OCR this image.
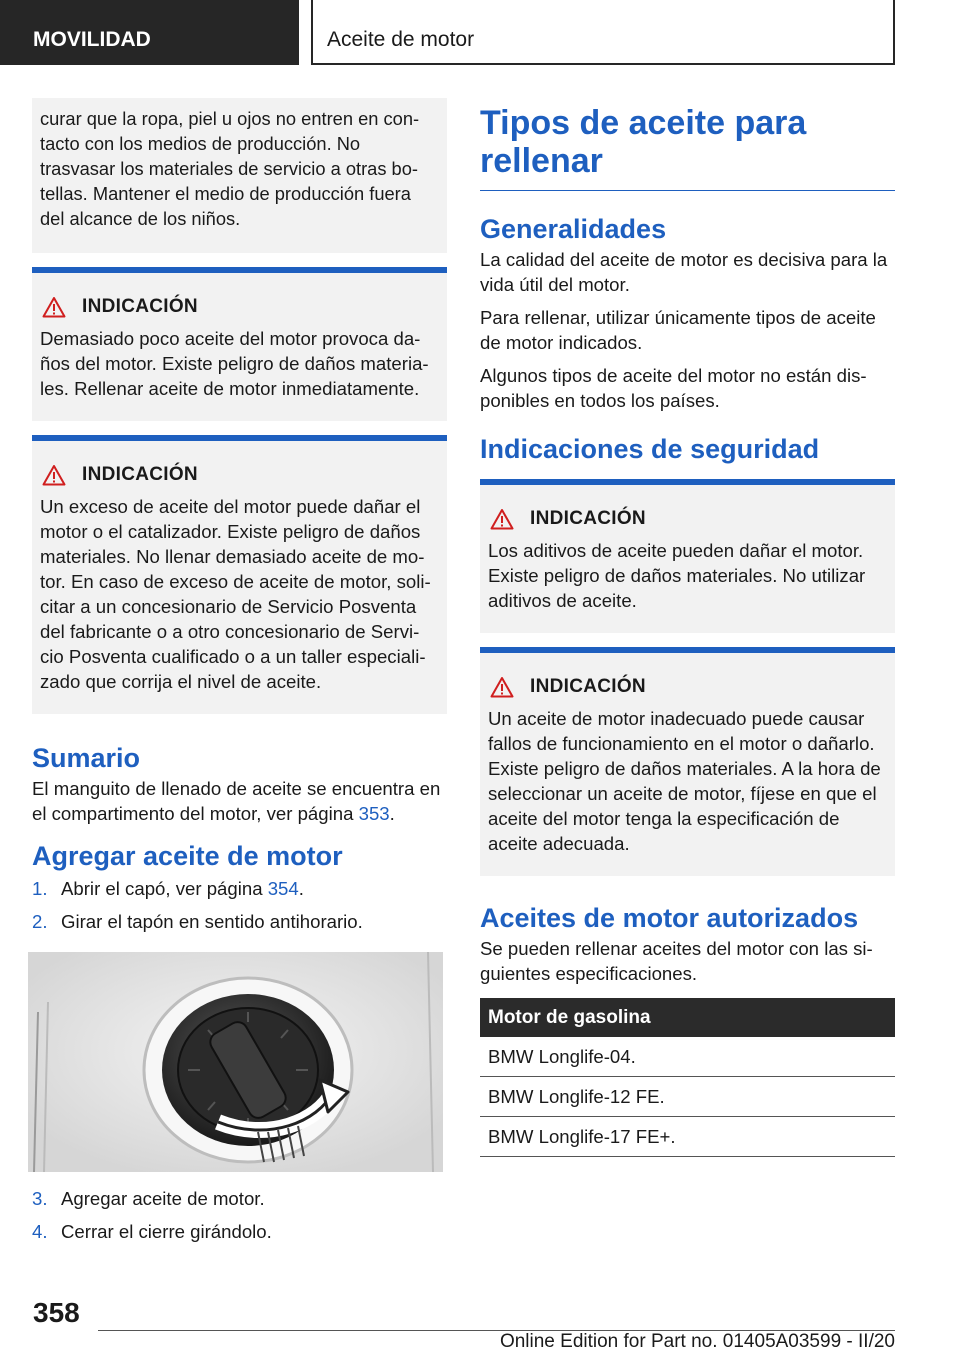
MOVILIDAD	Aceite de motor

curar que la ropa, piel u ojos no entren en con-tacto con los medios de producción. No trasvasar los materiales de servicio a otras bo-tellas. Mantener el medio de producción fuera del alcance de los niños.

INDICACIÓN

Demasiado poco aceite del motor provoca da-ños del motor. Existe peligro de daños materia-les. Rellenar aceite de motor inmediatamente.

INDICACIÓN

Un exceso de aceite del motor puede dañar el motor o el catalizador. Existe peligro de daños materiales. No llenar demasiado aceite de mo-tor. En caso de exceso de aceite de motor, soli-citar a un concesionario de Servicio Posventa del fabricante o a otro concesionario de Servi-cio Posventa cualificado o a un taller especiali-zado que corrija el nivel de aceite.

Sumario

El manguito de llenado de aceite se encuentra en el compartimento del motor, ver página 353.

Agregar aceite de motor
1. Abrir el capó, ver página 354.
2. Girar el tapón en sentido antihorario.
3. Agregar aceite de motor.
4. Cerrar el cierre girándolo.
Tipos de aceite para rellenar
Generalidades

La calidad del aceite de motor es decisiva para la vida útil del motor.

Para rellenar, utilizar únicamente tipos de aceite de motor indicados.

Algunos tipos de aceite del motor no están dis-ponibles en todos los países.

Indicaciones de seguridad
INDICACIÓN

Los aditivos de aceite pueden dañar el motor. Existe peligro de daños materiales. No utilizar aditivos de aceite.

INDICACIÓN

Un aceite de motor inadecuado puede causar fallos de funcionamiento en el motor o dañarlo. Existe peligro de daños materiales. A la hora de seleccionar un aceite de motor, fíjese en que el aceite del motor tenga la especificación de aceite adecuada.

Aceites de motor autorizados

Se pueden rellenar aceites del motor con las si-guientes especificaciones.

Motor de gasolina
BMW Longlife-04.
BMW Longlife-12 FE.
BMW Longlife-17 FE+.
358
Online Edition for Part no. 01405A03599 - II/20
